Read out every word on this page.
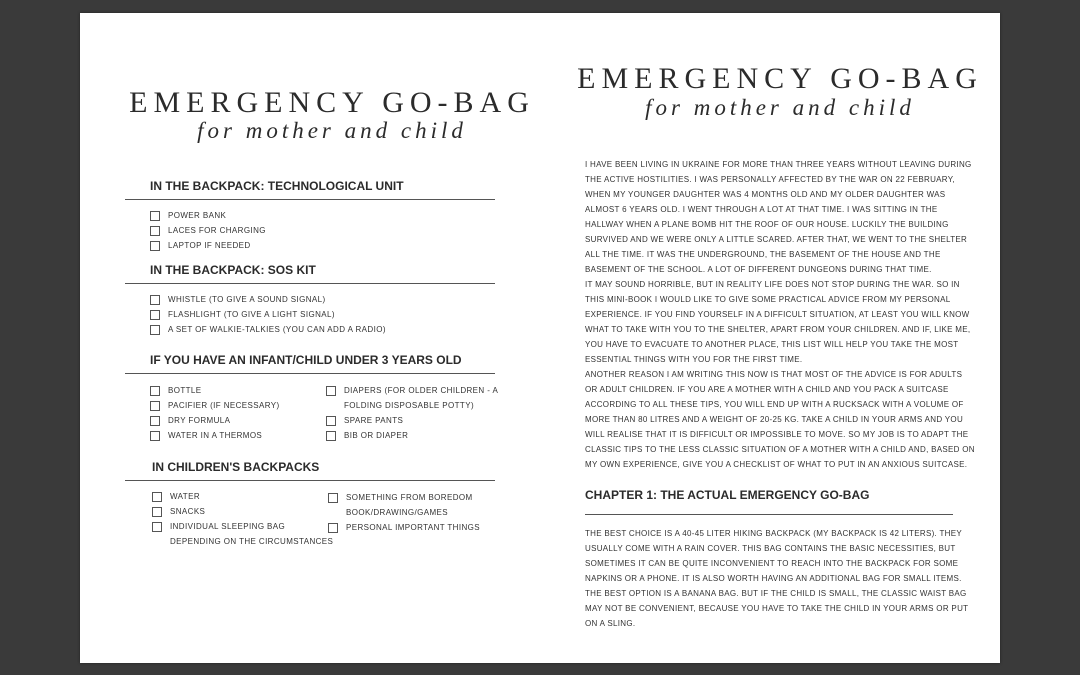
EMERGENCY GO-BAG
for mother and child
EMERGENCY GO-BAG
for mother and child
IN THE BACKPACK: TECHNOLOGICAL UNIT
POWER BANK
LACES FOR CHARGING
LAPTOP IF NEEDED
IN THE BACKPACK: SOS KIT
WHISTLE (TO GIVE A SOUND SIGNAL)
FLASHLIGHT (TO GIVE A LIGHT SIGNAL)
A SET OF WALKIE-TALKIES (YOU CAN ADD A RADIO)
IF YOU HAVE AN INFANT/CHILD UNDER 3 YEARS OLD
BOTTLE
PACIFIER (IF NECESSARY)
DRY FORMULA
WATER IN A THERMOS
DIAPERS (FOR OLDER CHILDREN - A
FOLDING DISPOSABLE POTTY)
SPARE PANTS
BIB OR DIAPER
IN CHILDREN'S BACKPACKS
WATER
SNACKS
INDIVIDUAL SLEEPING BAG
DEPENDING ON THE CIRCUMSTANCES
SOMETHING FROM BOREDOM
BOOK/DRAWING/GAMES
PERSONAL IMPORTANT THINGS
I HAVE BEEN LIVING IN UKRAINE FOR MORE THAN THREE YEARS WITHOUT LEAVING DURING
THE ACTIVE HOSTILITIES. I WAS PERSONALLY AFFECTED BY THE WAR ON 22 FEBRUARY,
WHEN MY YOUNGER DAUGHTER WAS 4 MONTHS OLD AND MY OLDER DAUGHTER WAS
ALMOST 6 YEARS OLD. I WENT THROUGH A LOT AT THAT TIME. I WAS SITTING IN THE
HALLWAY WHEN A PLANE BOMB HIT THE ROOF OF OUR HOUSE. LUCKILY THE BUILDING
SURVIVED AND WE WERE ONLY A LITTLE SCARED. AFTER THAT, WE WENT TO THE SHELTER
ALL THE TIME. IT WAS THE UNDERGROUND, THE BASEMENT OF THE HOUSE AND THE
BASEMENT OF THE SCHOOL. A LOT OF DIFFERENT DUNGEONS DURING THAT TIME.
IT MAY SOUND HORRIBLE, BUT IN REALITY LIFE DOES NOT STOP DURING THE WAR. SO IN
THIS MINI-BOOK I WOULD LIKE TO GIVE SOME PRACTICAL ADVICE FROM MY PERSONAL
EXPERIENCE. IF YOU FIND YOURSELF IN A DIFFICULT SITUATION, AT LEAST YOU WILL KNOW
WHAT TO TAKE WITH YOU TO THE SHELTER, APART FROM YOUR CHILDREN. AND IF, LIKE ME,
YOU HAVE TO EVACUATE TO ANOTHER PLACE, THIS LIST WILL HELP YOU TAKE THE MOST
ESSENTIAL THINGS WITH YOU FOR THE FIRST TIME.
ANOTHER REASON I AM WRITING THIS NOW IS THAT MOST OF THE ADVICE IS FOR ADULTS
OR ADULT CHILDREN. IF YOU ARE A MOTHER WITH A CHILD AND YOU PACK A SUITCASE
ACCORDING TO ALL THESE TIPS, YOU WILL END UP WITH A RUCKSACK WITH A VOLUME OF
MORE THAN 80 LITRES AND A WEIGHT OF 20-25 KG. TAKE A CHILD IN YOUR ARMS AND YOU
WILL REALISE THAT IT IS DIFFICULT OR IMPOSSIBLE TO MOVE. SO MY JOB IS TO ADAPT THE
CLASSIC TIPS TO THE LESS CLASSIC SITUATION OF A MOTHER WITH A CHILD AND, BASED ON
MY OWN EXPERIENCE, GIVE YOU A CHECKLIST OF WHAT TO PUT IN AN ANXIOUS SUITCASE.
CHAPTER 1: THE ACTUAL EMERGENCY GO-BAG
THE BEST CHOICE IS A 40-45 LITER HIKING BACKPACK (MY BACKPACK IS 42 LITERS). THEY
USUALLY COME WITH A RAIN COVER. THIS BAG CONTAINS THE BASIC NECESSITIES, BUT
SOMETIMES IT CAN BE QUITE INCONVENIENT TO REACH INTO THE BACKPACK FOR SOME
NAPKINS OR A PHONE. IT IS ALSO WORTH HAVING AN ADDITIONAL BAG FOR SMALL ITEMS.
THE BEST OPTION IS A BANANA BAG. BUT IF THE CHILD IS SMALL, THE CLASSIC WAIST BAG
MAY NOT BE CONVENIENT, BECAUSE YOU HAVE TO TAKE THE CHILD IN YOUR ARMS OR PUT
ON A SLING.
